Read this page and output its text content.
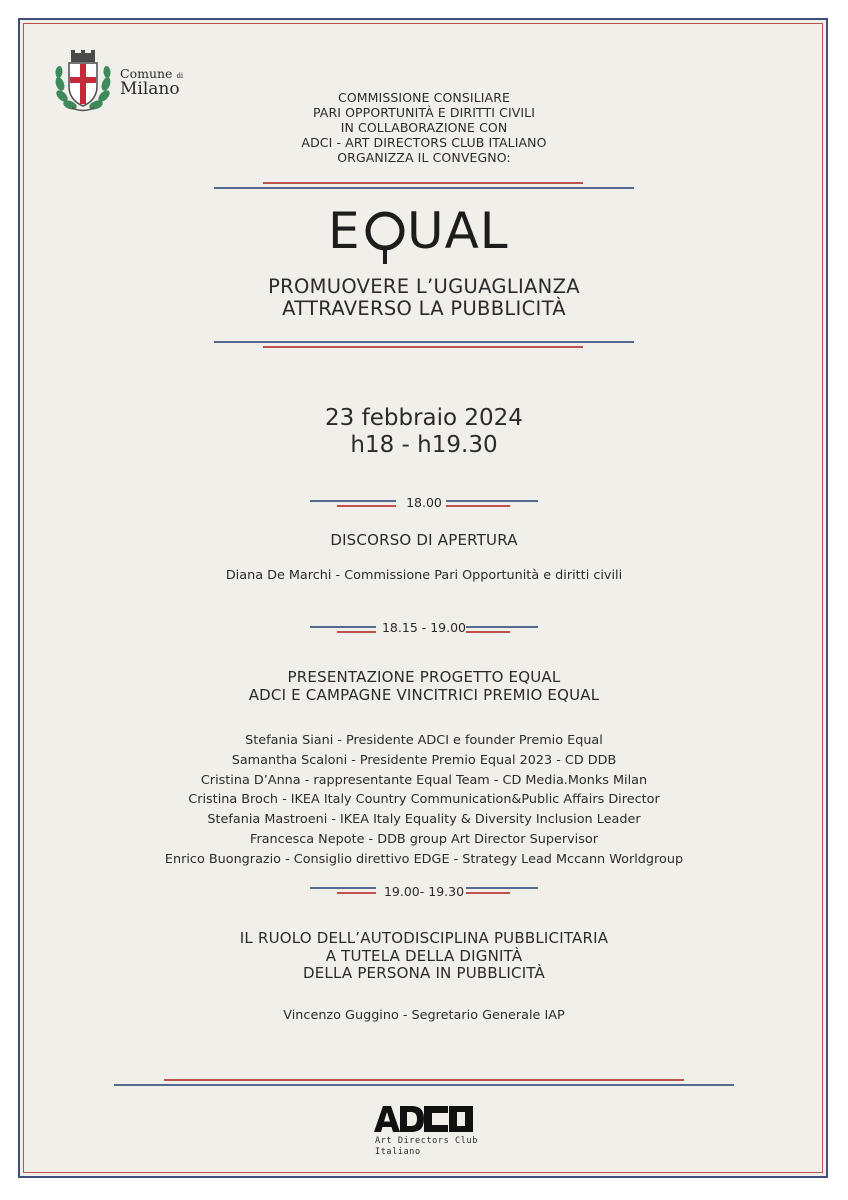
Comune di
Milano	COMMISSIONE CONSILIARE
PARI OPPORTUNITÀ E DIRITTI CIVILI
IN COLLABORAZIONE CON
ADCI - ART DIRECTORS CLUB ITALIANO
ORGANIZZA IL CONVEGNO:
E UAL
PROMUOVERE L’UGUAGLIANZA
ATTRAVERSO LA PUBBLICITÀ
23 febbraio 2024
h18 - h19.30
18.00
DISCORSO DI APERTURA
Diana De Marchi - Commissione Pari Opportunità e diritti civili
18.15 - 19.00
PRESENTAZIONE PROGETTO EQUAL
ADCI E CAMPAGNE VINCITRICI PREMIO EQUAL
Stefania Siani - Presidente ADCI e founder Premio Equal
Samantha Scaloni - Presidente Premio Equal 2023 - CD DDB
Cristina D’Anna - rappresentante Equal Team - CD Media.Monks Milan
Cristina Broch - IKEA Italy Country Communication&Public Affairs Director
Stefania Mastroeni - IKEA Italy Equality & Diversity Inclusion Leader
Francesca Nepote - DDB group Art Director Supervisor
Enrico Buongrazio - Consiglio direttivo EDGE - Strategy Lead Mccann Worldgroup
19.00- 19.30
IL RUOLO DELL’AUTODISCIPLINA PUBBLICITARIA
A TUTELA DELLA DIGNITÀ
DELLA PERSONA IN PUBBLICITÀ
Vincenzo Guggino - Segretario Generale IAP
Art Directors Club
Italiano
